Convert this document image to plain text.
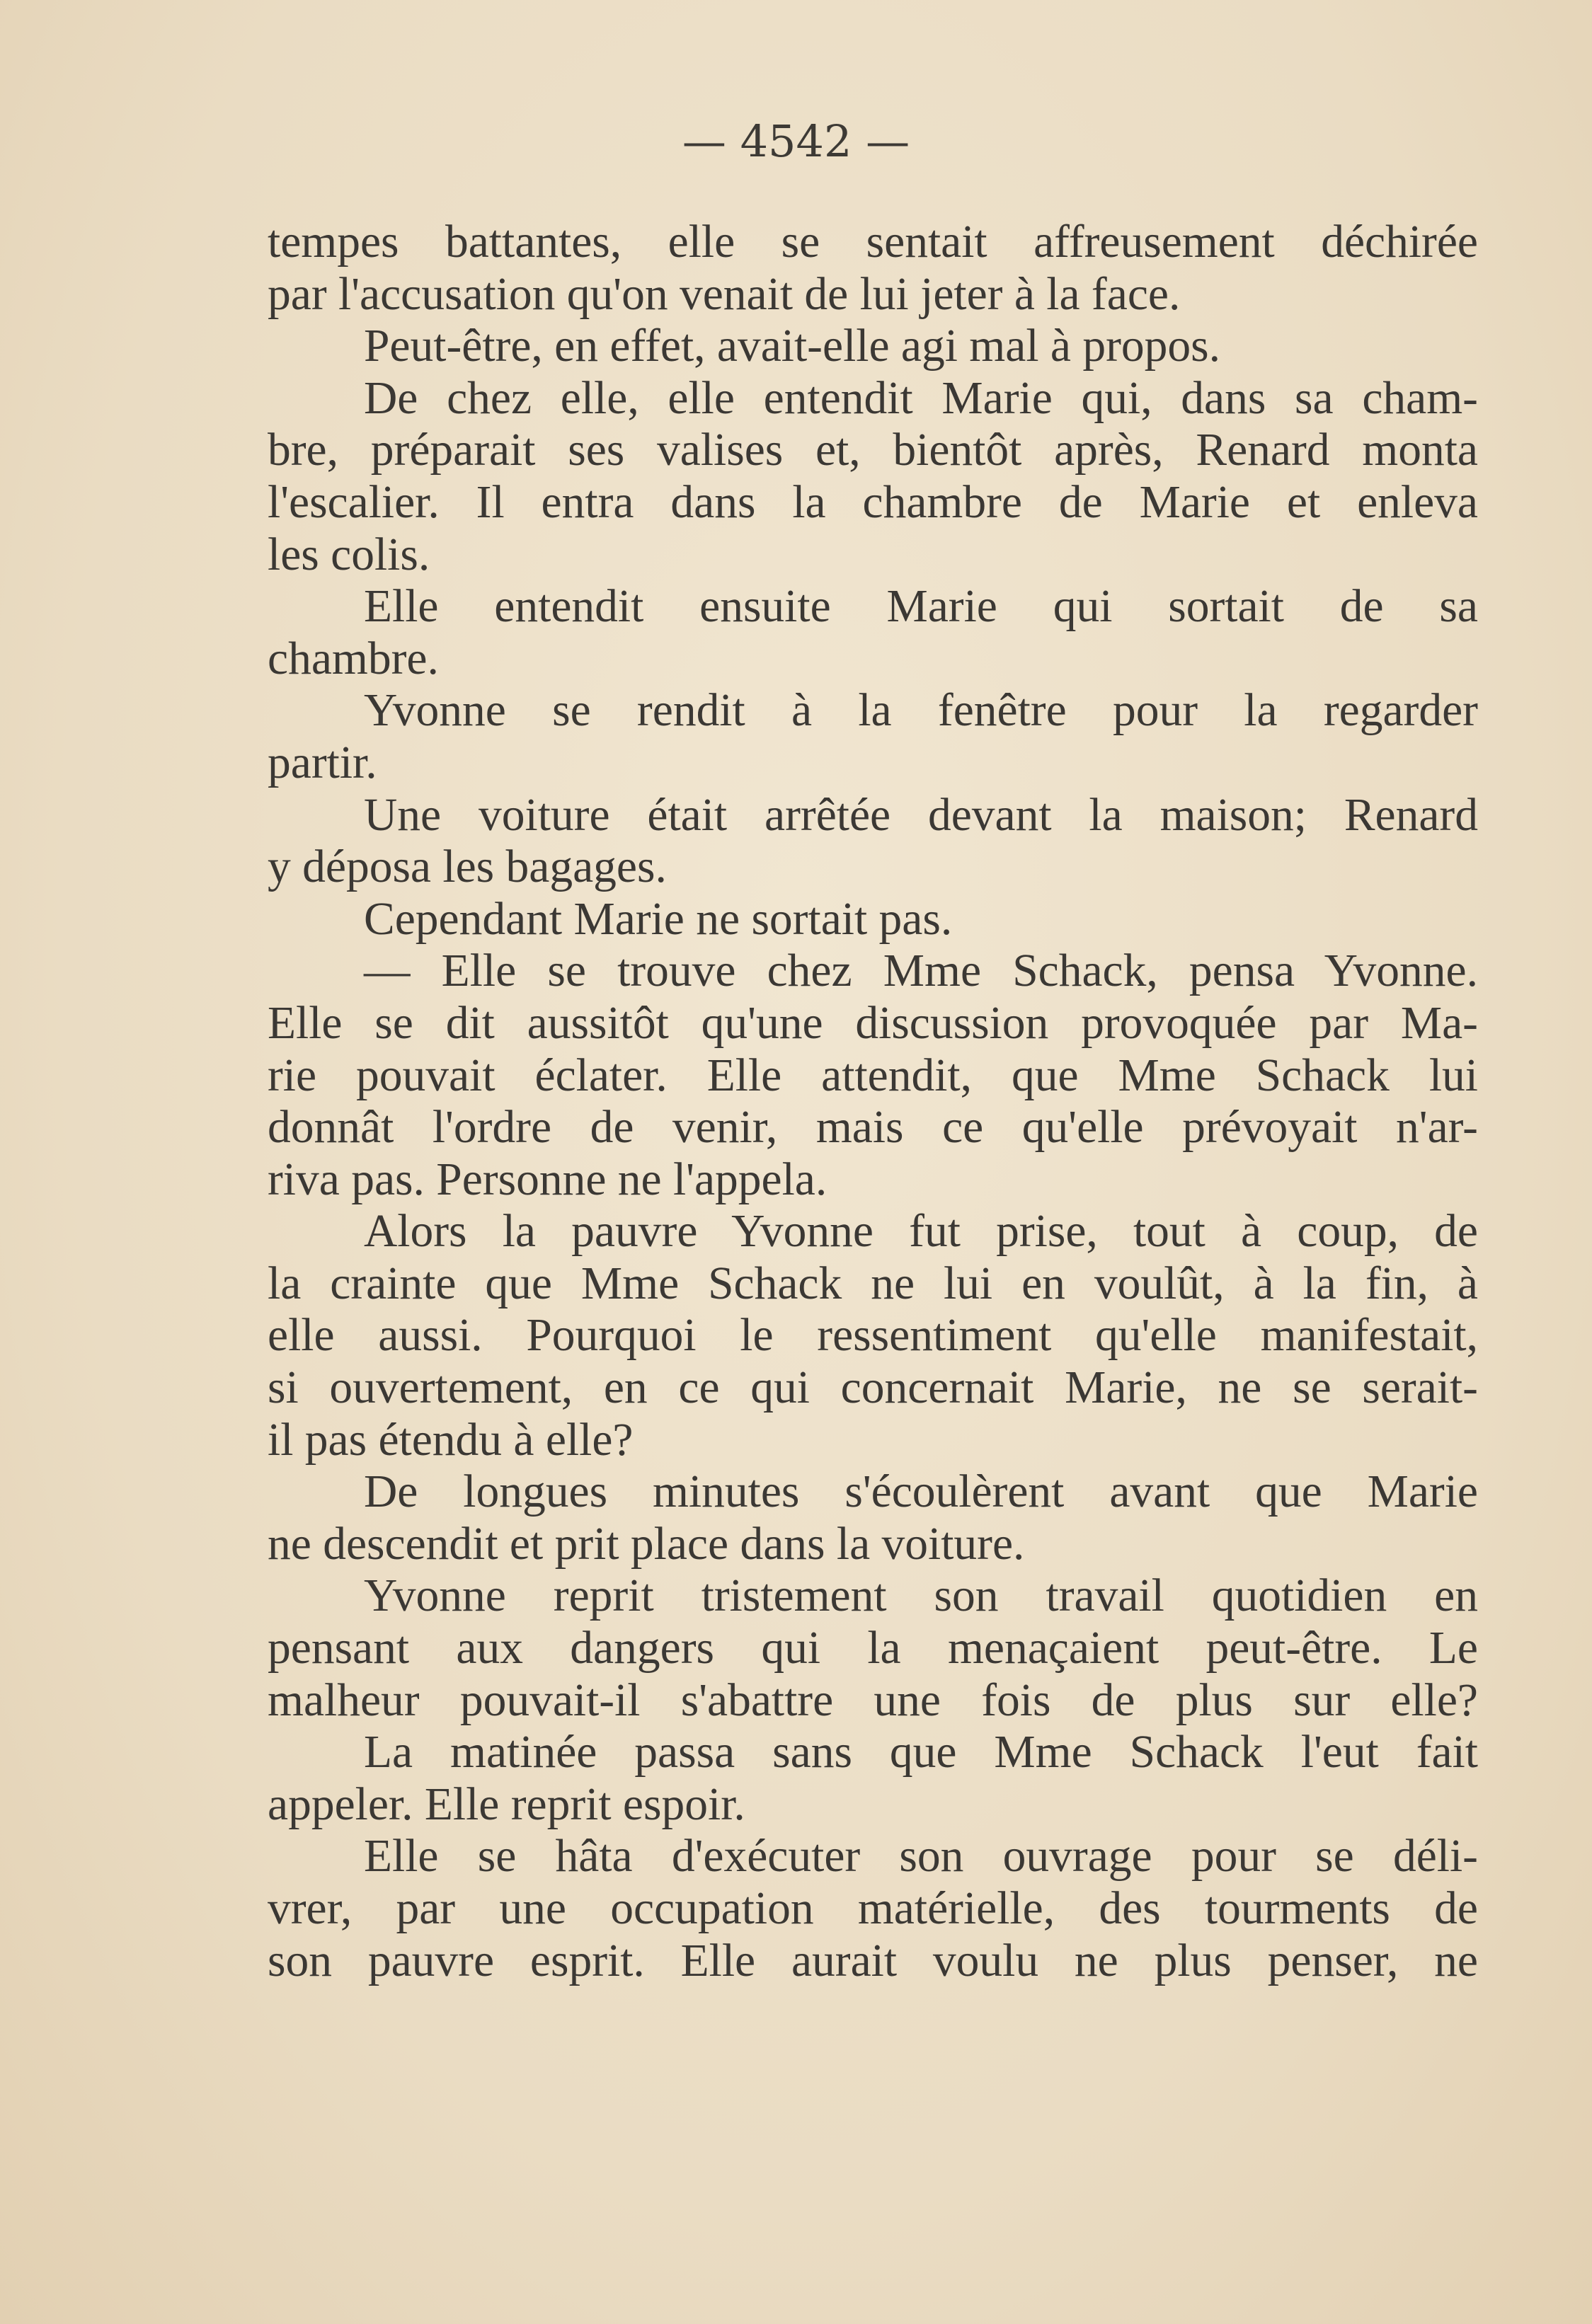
— 4542 —
tempes battantes, elle se sentait affreusement déchirée
par l'accusation qu'on venait de lui jeter à la face.
Peut-être, en effet, avait-elle agi mal à propos.
De chez elle, elle entendit Marie qui, dans sa cham-
bre, préparait ses valises et, bientôt après, Renard monta
l'escalier. Il entra dans la chambre de Marie et enleva
les colis.
Elle entendit ensuite Marie qui sortait de sa
chambre.
Yvonne se rendit à la fenêtre pour la regarder
partir.
Une voiture était arrêtée devant la maison; Renard
y déposa les bagages.
Cependant Marie ne sortait pas.
— Elle se trouve chez Mme Schack, pensa Yvonne.
Elle se dit aussitôt qu'une discussion provoquée par Ma-
rie pouvait éclater. Elle attendit, que Mme Schack lui
donnât l'ordre de venir, mais ce qu'elle prévoyait n'ar-
riva pas. Personne ne l'appela.
Alors la pauvre Yvonne fut prise, tout à coup, de
la crainte que Mme Schack ne lui en voulût, à la fin, à
elle aussi. Pourquoi le ressentiment qu'elle manifestait,
si ouvertement, en ce qui concernait Marie, ne se serait-
il pas étendu à elle?
De longues minutes s'écoulèrent avant que Marie
ne descendit et prit place dans la voiture.
Yvonne reprit tristement son travail quotidien en
pensant aux dangers qui la menaçaient peut-être. Le
malheur pouvait-il s'abattre une fois de plus sur elle?
La matinée passa sans que Mme Schack l'eut fait
appeler. Elle reprit espoir.
Elle se hâta d'exécuter son ouvrage pour se déli-
vrer, par une occupation matérielle, des tourments de
son pauvre esprit. Elle aurait voulu ne plus penser, ne
